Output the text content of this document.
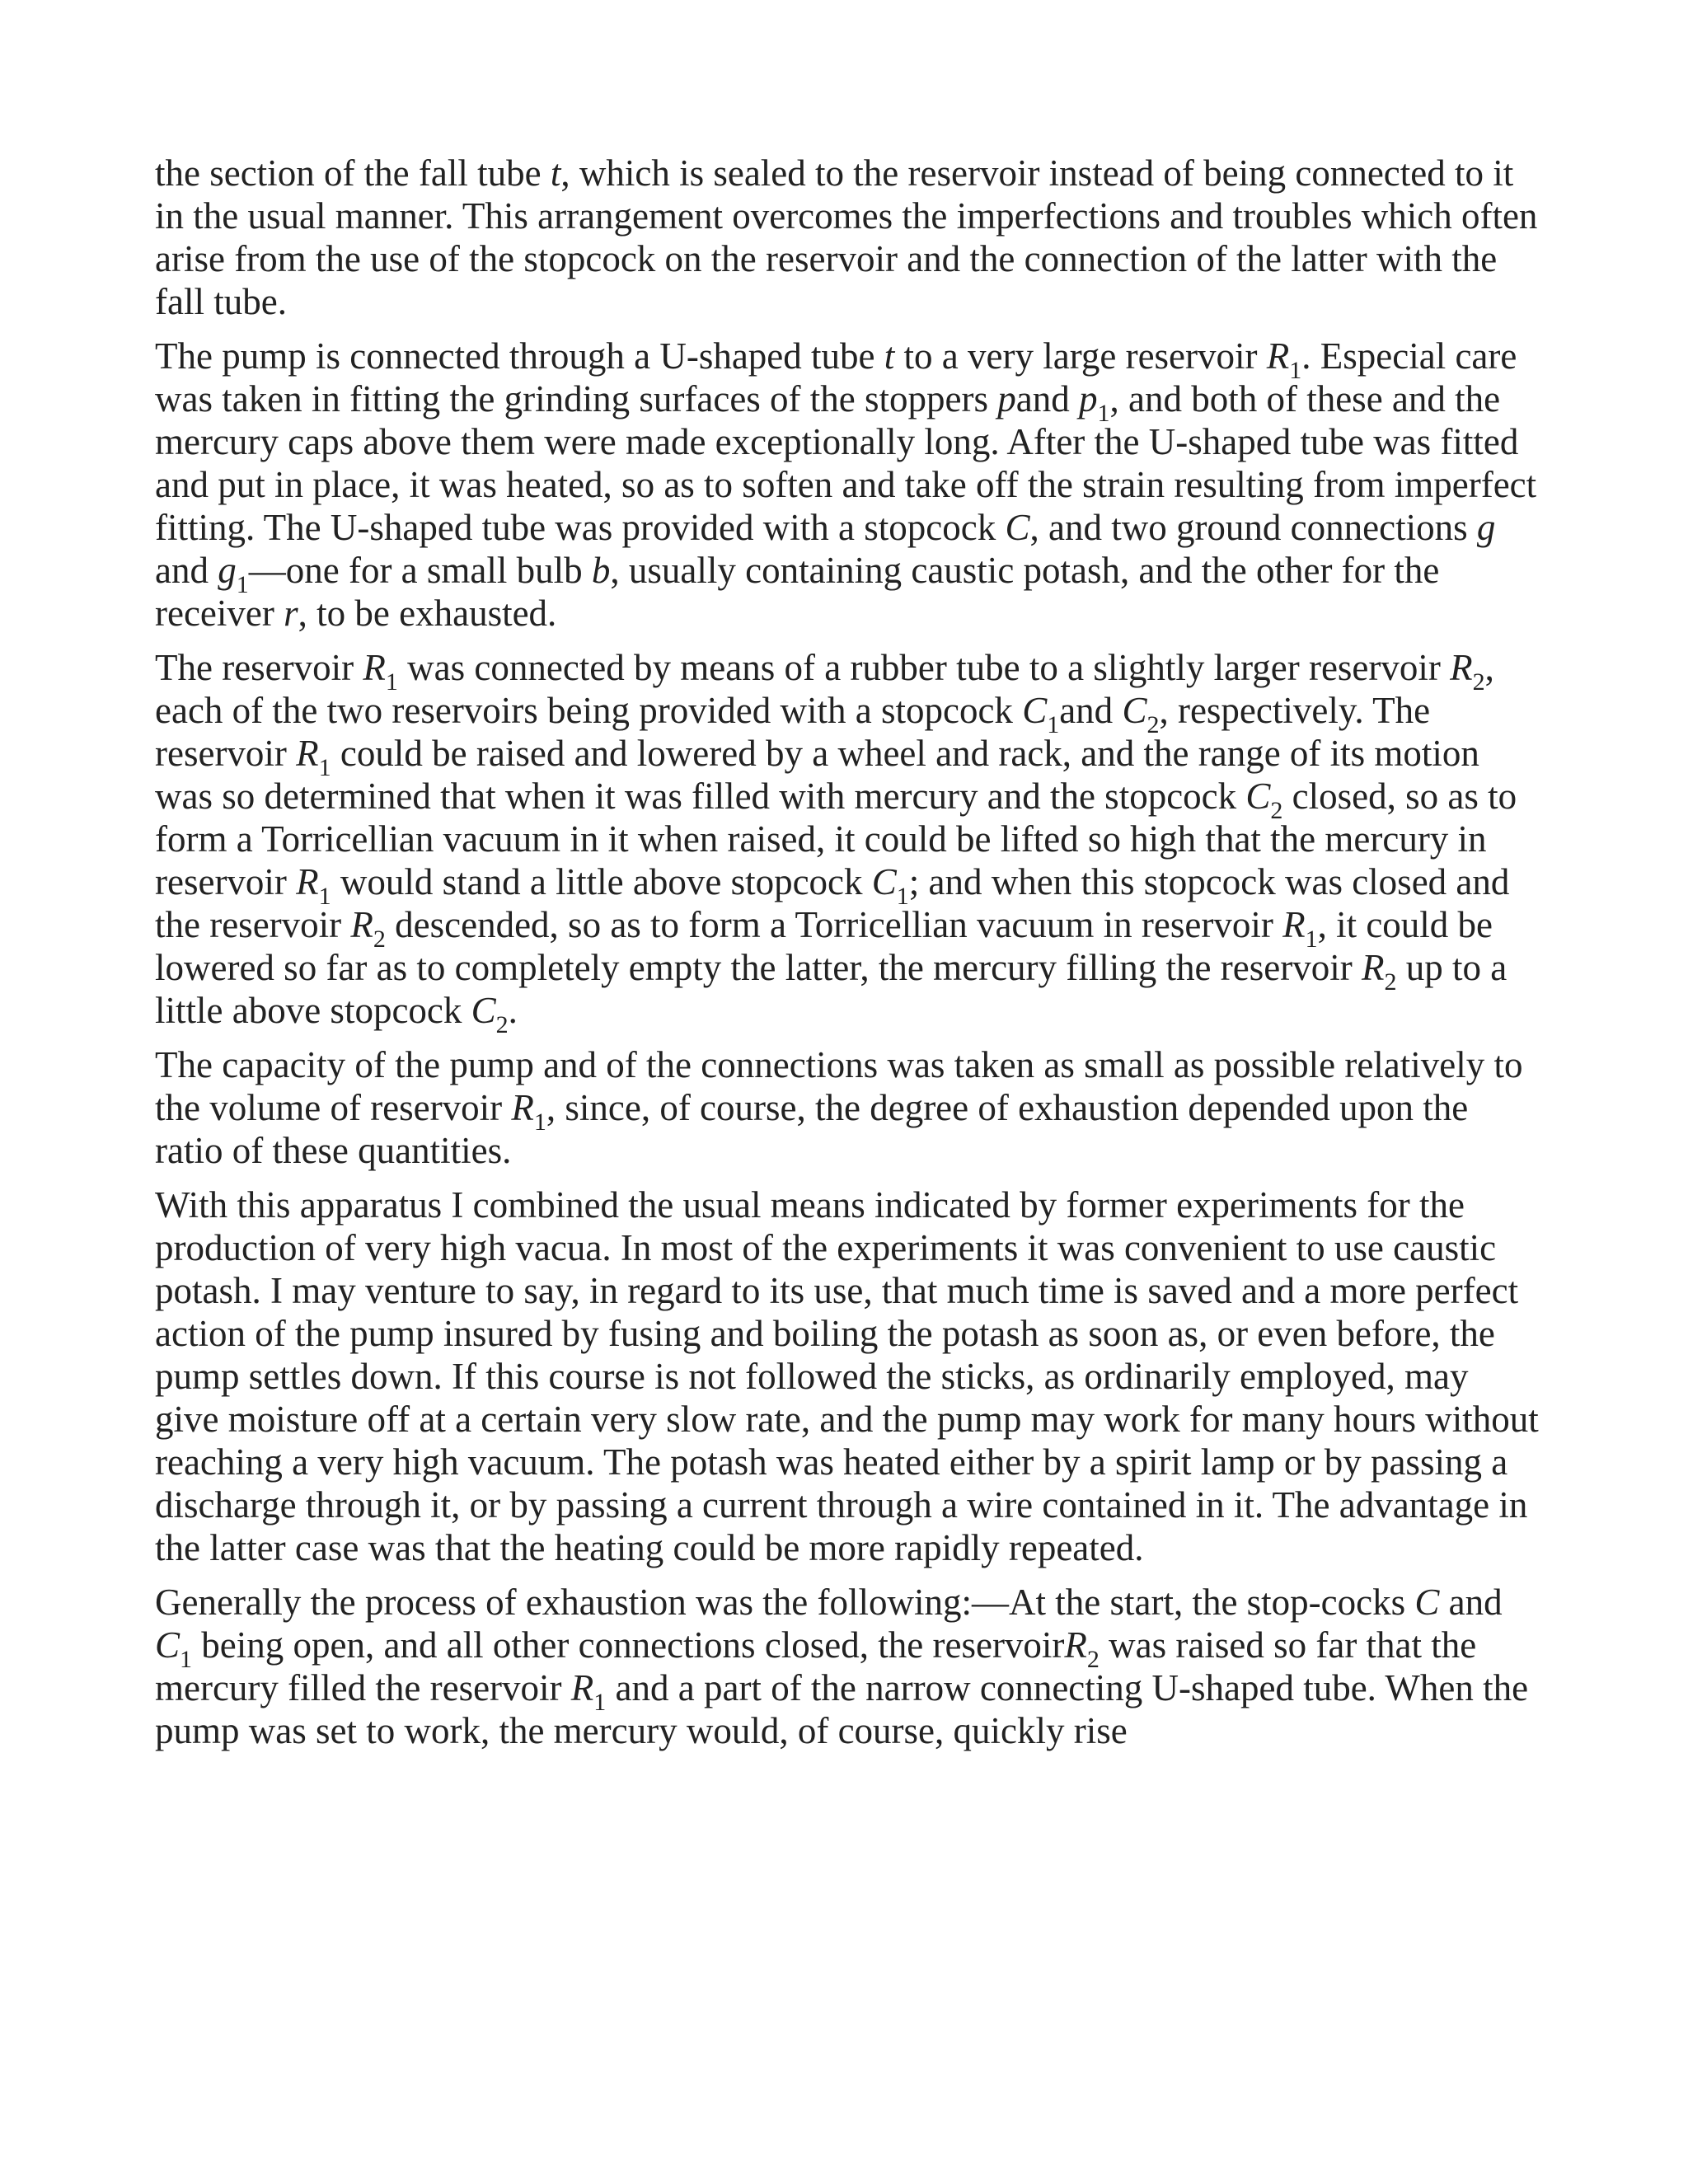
the section of the fall tube t, which is sealed to the reservoir instead of being connected to it in the usual manner. This arrangement overcomes the imperfections and troubles which often arise from the use of the stopcock on the reservoir and the connection of the latter with the fall tube.

The pump is connected through a U-shaped tube t to a very large reservoir $R_1$. Especial care was taken in fitting the grinding surfaces of the stoppers pand $p_1$, and both of these and the mercury caps above them were made exceptionally long. After the U-shaped tube was fitted and put in place, it was heated, so as to soften and take off the strain resulting from imperfect fitting. The U-shaped tube was provided with a stopcock C, and two ground connections g and $g_1—one$ for a small bulb b, usually containing caustic potash, and the other for the receiver r, to be exhausted.

The reservoir $R_1$ was connected by means of a rubber tube to a slightly larger reservoir $R_2$, each of the two reservoirs being provided with a stopcock $C_1and$ $C_2$, respectively. The reservoir $R_1$ could be raised and lowered by a wheel and rack, and the range of its motion was so determined that when it was filled with mercury and the stopcock $C_2$ closed, so as to form a Torricellian vacuum in it when raised, it could be lifted so high that the mercury in reservoir $R_1$ would stand a little above stopcock $C_1$; and when this stopcock was closed and the reservoir $R_2$ descended, so as to form a Torricellian vacuum in reservoir $R_1$, it could be lowered so far as to completely empty the latter, the mercury filling the reservoir $R_2$ up to a little above stopcock $C_2$.

The capacity of the pump and of the connections was taken as small as possible relatively to the volume of reservoir $R_1$, since, of course, the degree of exhaustion depended upon the ratio of these quantities.

With this apparatus I combined the usual means indicated by former experiments for the production of very high vacua. In most of the experiments it was convenient to use caustic potash. I may venture to say, in regard to its use, that much time is saved and a more perfect action of the pump insured by fusing and boiling the potash as soon as, or even before, the pump settles down. If this course is not followed the sticks, as ordinarily employed, may give moisture off at a certain very slow rate, and the pump may work for many hours without reaching a very high vacuum. The potash was heated either by a spirit lamp or by passing a discharge through it, or by passing a current through a wire contained in it. The advantage in the latter case was that the heating could be more rapidly repeated.

Generally the process of exhaustion was the following:—At the start, the stop-cocks C and $C_1$ being open, and all other connections closed, the reservoirR$_2$ was raised so far that the mercury filled the reservoir $R_1$ and a part of the narrow connecting U-shaped tube. When the pump was set to work, the mercury would, of course, quickly rise
